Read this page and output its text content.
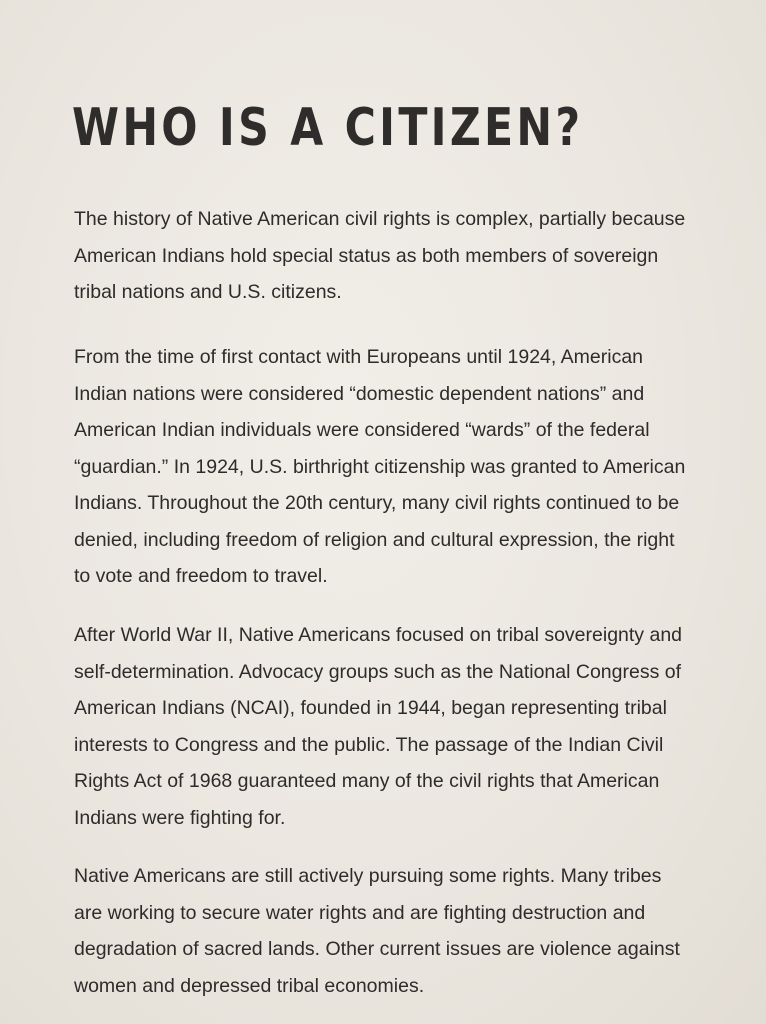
WHO IS A CITIZEN?

The history of Native American civil rights is complex, partially because
American Indians hold special status as both members of sovereign
tribal nations and U.S. citizens.

From the time of first contact with Europeans until 1924, American
Indian nations were considered “domestic dependent nations” and
American Indian individuals were considered “wards” of the federal
“guardian.” In 1924, U.S. birthright citizenship was granted to American
Indians. Throughout the 20th century, many civil rights continued to be
denied, including freedom of religion and cultural expression, the right
to vote and freedom to travel.

After World War II, Native Americans focused on tribal sovereignty and
self-determination. Advocacy groups such as the National Congress of
American Indians (NCAI), founded in 1944, began representing tribal
interests to Congress and the public. The passage of the Indian Civil
Rights Act of 1968 guaranteed many of the civil rights that American
Indians were fighting for.

Native Americans are still actively pursuing some rights. Many tribes
are working to secure water rights and are fighting destruction and
degradation of sacred lands. Other current issues are violence against
women and depressed tribal economies.
